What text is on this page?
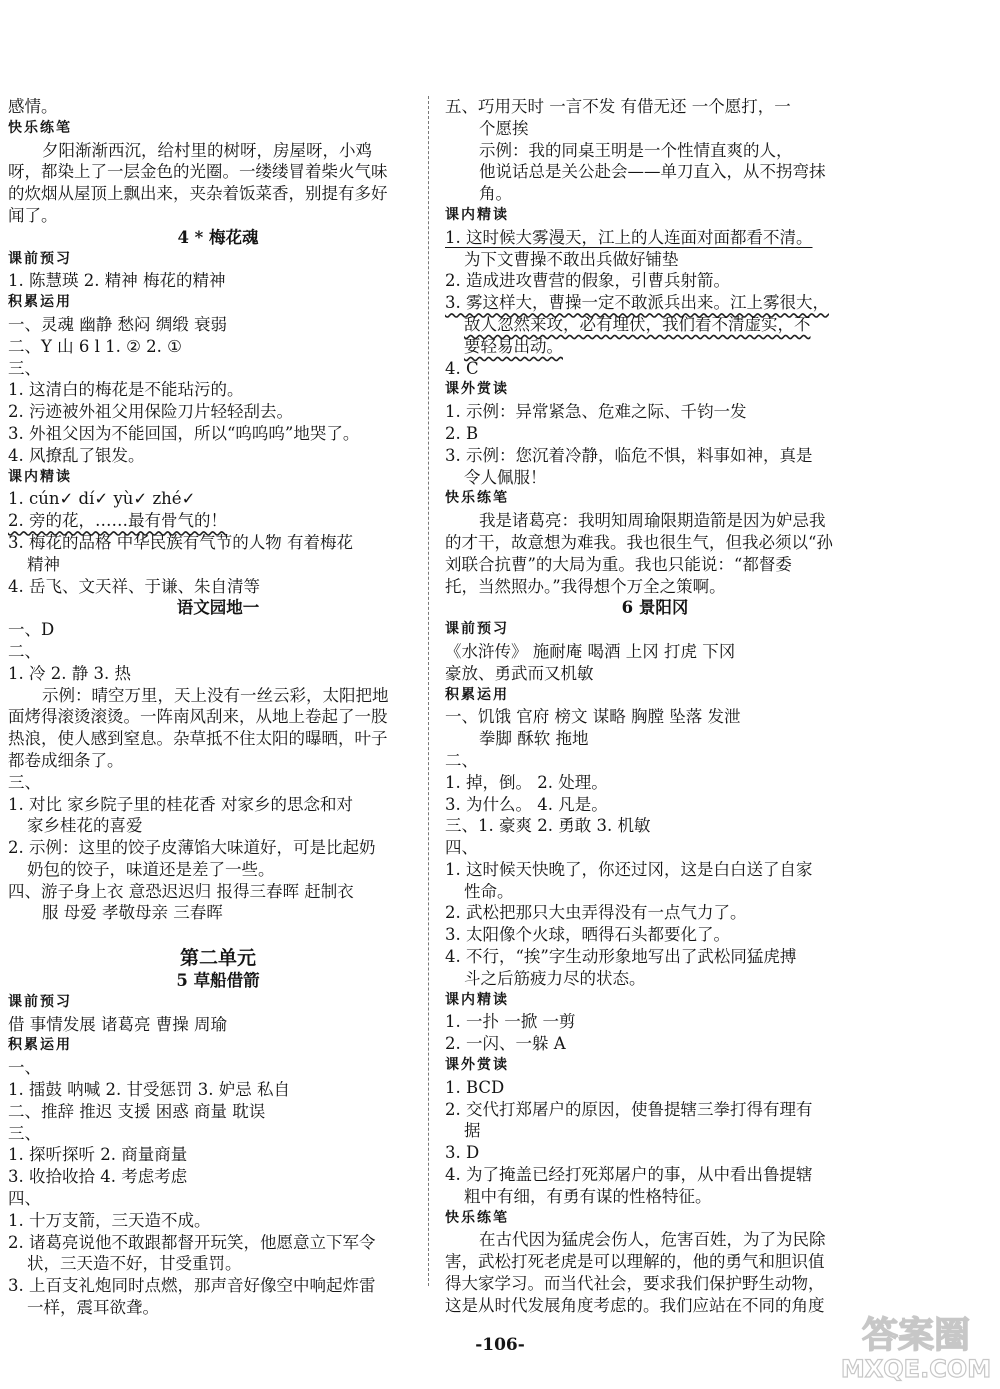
感情。
快乐练笔
夕阳渐渐西沉，给村里的树呀，房屋呀，小鸡
呀，都染上了一层金色的光圈。一缕缕冒着柴火气味
的炊烟从屋顶上飘出来，夹杂着饭菜香，别提有多好
闻了。
4 * 梅花魂
课前预习
1. 陈慧瑛 2. 精神 梅花的精神
积累运用
一、灵魂 幽静 愁闷 绸缎 衰弱
二、Y 山 6 l 1. ② 2. ①
三、
1. 这清白的梅花是不能玷污的。
2. 污迹被外祖父用保险刀片轻轻刮去。
3. 外祖父因为不能回国，所以“呜呜呜”地哭了。
4. 风撩乱了银发。
课内精读
1. cún✓ dí✓ yù✓ zhé✓
2. 旁的花，……最有骨气的！
3. 梅花的品格 中华民族有气节的人物 有着梅花
精神
4. 岳飞、文天祥、于谦、朱自清等
语文园地一
一、D
二、
1. 冷 2. 静 3. 热
示例：晴空万里，天上没有一丝云彩，太阳把地
面烤得滚烫滚烫。一阵南风刮来，从地上卷起了一股
热浪，使人感到窒息。杂草抵不住太阳的曝晒，叶子
都卷成细条了。
三、
1. 对比 家乡院子里的桂花香 对家乡的思念和对
家乡桂花的喜爱
2. 示例：这里的饺子皮薄馅大味道好，可是比起奶
奶包的饺子，味道还是差了一些。
四、游子身上衣 意恐迟迟归 报得三春晖 赶制衣
服 母爱 孝敬母亲 三春晖
第二单元
5 草船借箭
课前预习
借 事情发展 诸葛亮 曹操 周瑜
积累运用
一、
1. 擂鼓 呐喊 2. 甘受惩罚 3. 妒忌 私自
二、推辞 推迟 支援 困惑 商量 耽误
三、
1. 探听探听 2. 商量商量
3. 收拾收拾 4. 考虑考虑
四、
1. 十万支箭，三天造不成。
2. 诸葛亮说他不敢跟都督开玩笑，他愿意立下军令
状，三天造不好，甘受重罚。
3. 上百支礼炮同时点燃，那声音好像空中响起炸雷
一样，震耳欲聋。
五、巧用天时 一言不发 有借无还 一个愿打，一
个愿挨
示例：我的同桌王明是一个性情直爽的人，
他说话总是关公赴会——单刀直入，从不拐弯抹
角。
课内精读
1. 这时候大雾漫天，江上的人连面对面都看不清。
为下文曹操不敢出兵做好铺垫
2. 造成进攻曹营的假象，引曹兵射箭。
3. 雾这样大，曹操一定不敢派兵出来。江上雾很大，
敌人忽然来攻，必有埋伏，我们看不清虚实，不
要轻易出动。
4. C
课外赏读
1. 示例：异常紧急、危难之际、千钧一发
2. B
3. 示例：您沉着冷静，临危不惧，料事如神，真是
令人佩服！
快乐练笔
我是诸葛亮：我明知周瑜限期造箭是因为妒忌我
的才干，故意想为难我。我也很生气，但我必须以“孙
刘联合抗曹”的大局为重。我也只能说：“都督委
托，当然照办。”我得想个万全之策啊。
6 景阳冈
课前预习
《水浒传》 施耐庵 喝酒 上冈 打虎 下冈
豪放、勇武而又机敏
积累运用
一、饥饿 官府 榜文 谋略 胸膛 坠落 发泄
拳脚 酥软 拖地
二、
1. 掉，倒。 2. 处理。
3. 为什么。 4. 凡是。
三、1. 豪爽 2. 勇敢 3. 机敏
四、
1. 这时候天快晚了，你还过冈，这是白白送了自家
性命。
2. 武松把那只大虫弄得没有一点气力了。
3. 太阳像个火球，晒得石头都要化了。
4. 不行，“挨”字生动形象地写出了武松同猛虎搏
斗之后筋疲力尽的状态。
课内精读
1. 一扑 一掀 一剪
2. 一闪、一躲 A
课外赏读
1. BCD
2. 交代打郑屠户的原因，使鲁提辖三拳打得有理有
据
3. D
4. 为了掩盖已经打死郑屠户的事，从中看出鲁提辖
粗中有细，有勇有谋的性格特征。
快乐练笔
在古代因为猛虎会伤人，危害百姓，为了为民除
害，武松打死老虎是可以理解的，他的勇气和胆识值
得大家学习。而当代社会，要求我们保护野生动物，
这是从时代发展角度考虑的。我们应站在不同的角度
-106-	答案圈
MXQE.COM
